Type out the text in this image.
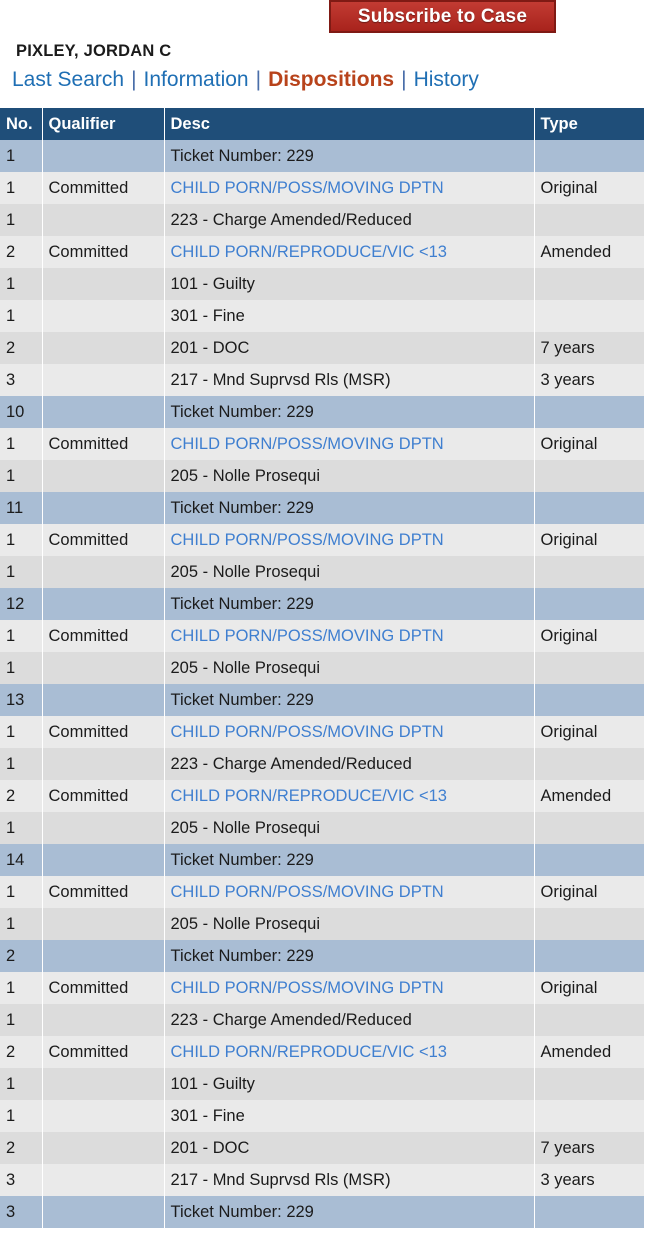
Subscribe to Case
PIXLEY, JORDAN C
Last Search | Information | Dispositions | History
No.	Qualifier	Desc	Type	
1		Ticket Number: 229		
1	Committed	CHILD PORN/POSS/MOVING DPTN	Original	
1		223 - Charge Amended/Reduced		
2	Committed	CHILD PORN/REPRODUCE/VIC <13	Amended	
1		101 - Guilty		
1		301 - Fine		
2		201 - DOC	7 years	
3		217 - Mnd Suprvsd Rls (MSR)	3 years	
10		Ticket Number: 229		
1	Committed	CHILD PORN/POSS/MOVING DPTN	Original	
1		205 - Nolle Prosequi		
11		Ticket Number: 229		
1	Committed	CHILD PORN/POSS/MOVING DPTN	Original	
1		205 - Nolle Prosequi		
12		Ticket Number: 229		
1	Committed	CHILD PORN/POSS/MOVING DPTN	Original	
1		205 - Nolle Prosequi		
13		Ticket Number: 229		
1	Committed	CHILD PORN/POSS/MOVING DPTN	Original	
1		223 - Charge Amended/Reduced		
2	Committed	CHILD PORN/REPRODUCE/VIC <13	Amended	
1		205 - Nolle Prosequi		
14		Ticket Number: 229		
1	Committed	CHILD PORN/POSS/MOVING DPTN	Original	
1		205 - Nolle Prosequi		
2		Ticket Number: 229		
1	Committed	CHILD PORN/POSS/MOVING DPTN	Original	
1		223 - Charge Amended/Reduced		
2	Committed	CHILD PORN/REPRODUCE/VIC <13	Amended	
1		101 - Guilty		
1		301 - Fine		
2		201 - DOC	7 years	
3		217 - Mnd Suprvsd Rls (MSR)	3 years	
3		Ticket Number: 229		
